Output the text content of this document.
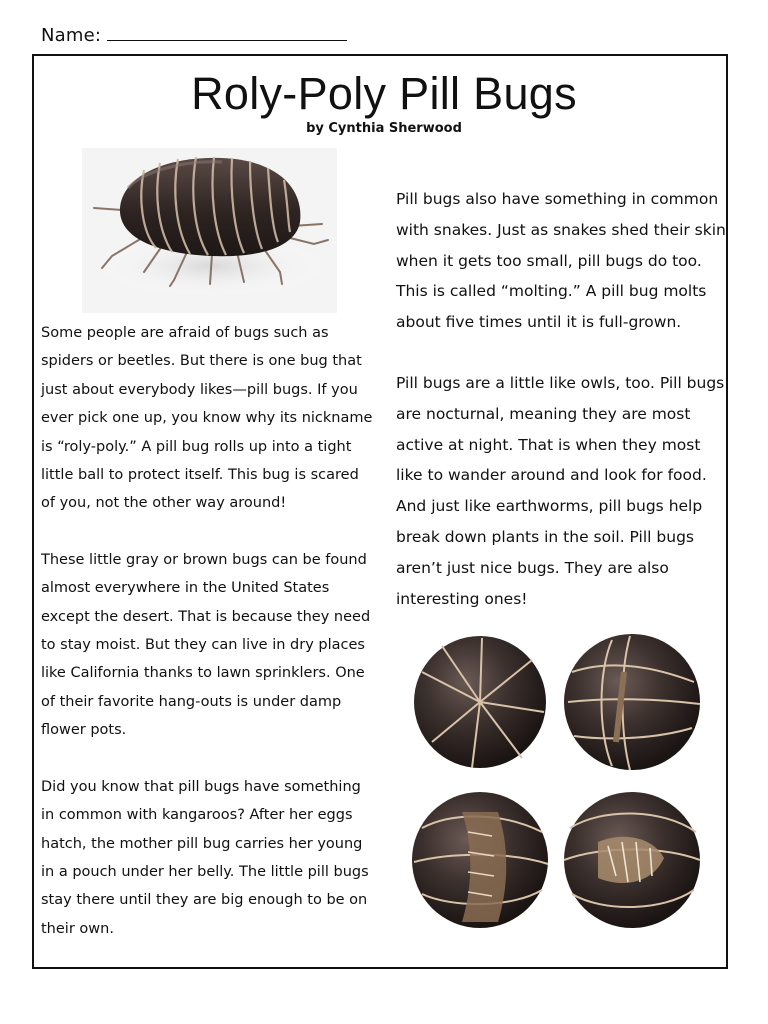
Name:
Roly-Poly Pill Bugs
by Cynthia Sherwood

Some people are afraid of bugs such as spiders or beetles. But there is one bug that just about everybody likes—pill bugs. If you ever pick one up, you know why its nickname is “roly-poly.” A pill bug rolls up into a tight little ball to protect itself. This bug is scared of you, not the other way around!

These little gray or brown bugs can be found almost everywhere in the United States except the desert. That is because they need to stay moist. But they can live in dry places like California thanks to lawn sprinklers. One of their favorite hang-outs is under damp flower pots.

Did you know that pill bugs have something in common with kangaroos? After her eggs hatch, the mother pill bug carries her young in a pouch under her belly. The little pill bugs stay there until they are big enough to be on their own.

Pill bugs also have something in common with snakes. Just as snakes shed their skin when it gets too small, pill bugs do too. This is called “molting.” A pill bug molts about five times until it is full-grown.

Pill bugs are a little like owls, too. Pill bugs are nocturnal, meaning they are most active at night. That is when they most like to wander around and look for food. And just like earthworms, pill bugs help break down plants in the soil. Pill bugs aren’t just nice bugs. They are also interesting ones!
